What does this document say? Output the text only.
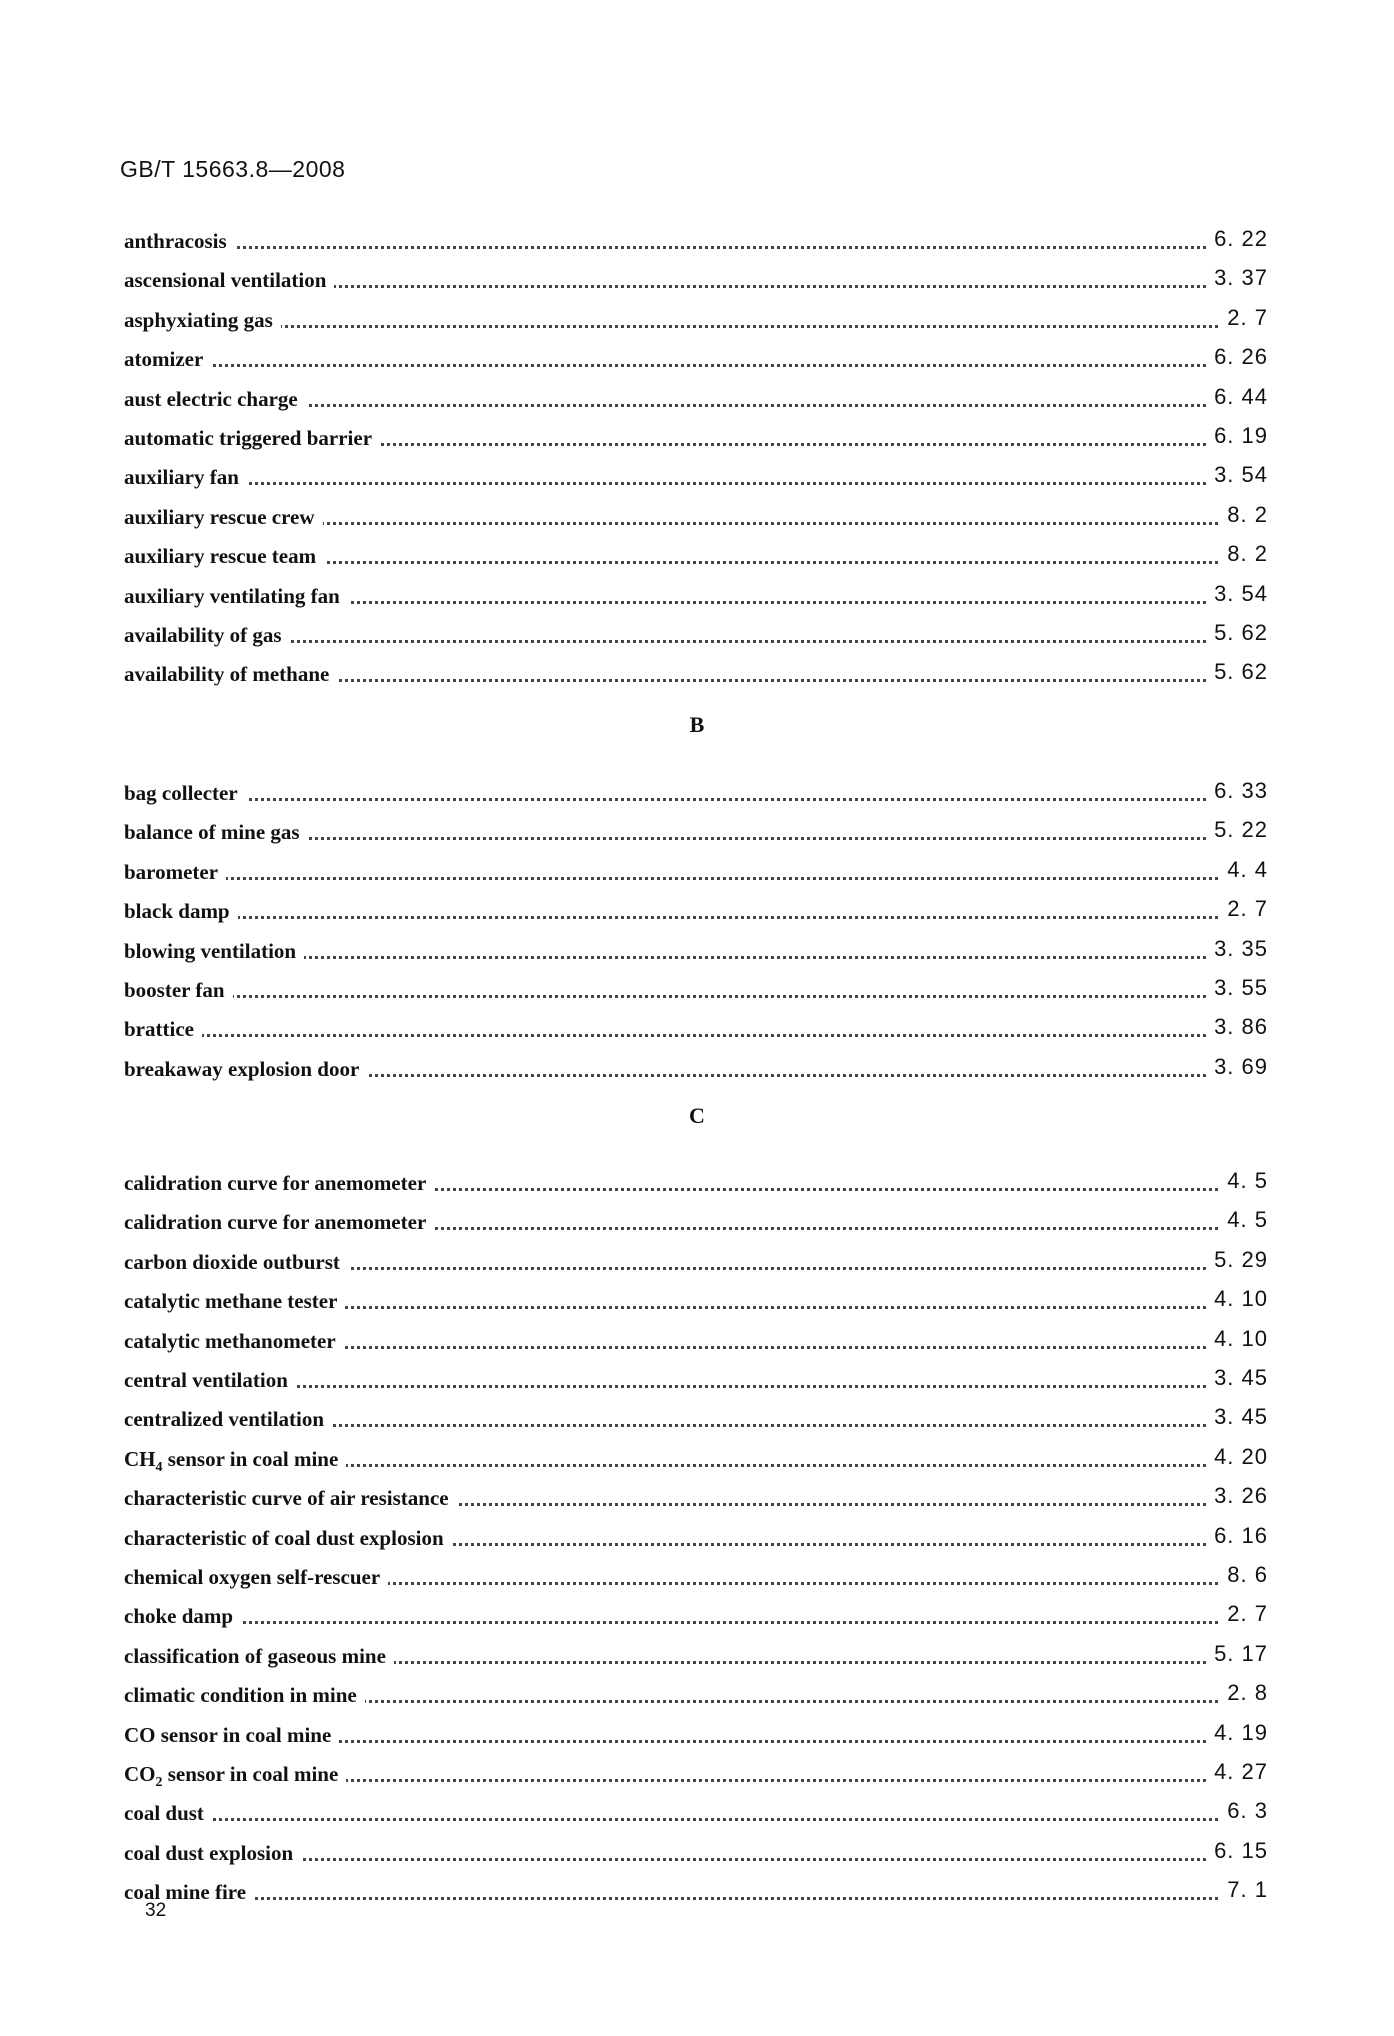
GB/T 15663.8—2008
anthracosis	6. 22
ascensional ventilation	3. 37
asphyxiating gas	2. 7
atomizer	6. 26
aust electric charge	6. 44
automatic triggered barrier	6. 19
auxiliary fan	3. 54
auxiliary rescue crew	8. 2
auxiliary rescue team	8. 2
auxiliary ventilating fan	3. 54
availability of gas	5. 62
availability of methane	5. 62
B
bag collecter	6. 33
balance of mine gas	5. 22
barometer	4. 4
black damp	2. 7
blowing ventilation	3. 35
booster fan	3. 55
brattice	3. 86
breakaway explosion door	3. 69
C
calidration curve for anemometer	4. 5
calidration curve for anemometer	4. 5
carbon dioxide outburst	5. 29
catalytic methane tester	4. 10
catalytic methanometer	4. 10
central ventilation	3. 45
centralized ventilation	3. 45
$CH_4$ sensor in coal mine	4. 20
characteristic curve of air resistance	3. 26
characteristic of coal dust explosion	6. 16
chemical oxygen self-rescuer	8. 6
choke damp	2. 7
classification of gaseous mine	5. 17
climatic condition in mine	2. 8
CO sensor in coal mine	4. 19
$CO_2$ sensor in coal mine	4. 27
coal dust	6. 3
coal dust explosion	6. 15
coal mine fire	7. 1
32
